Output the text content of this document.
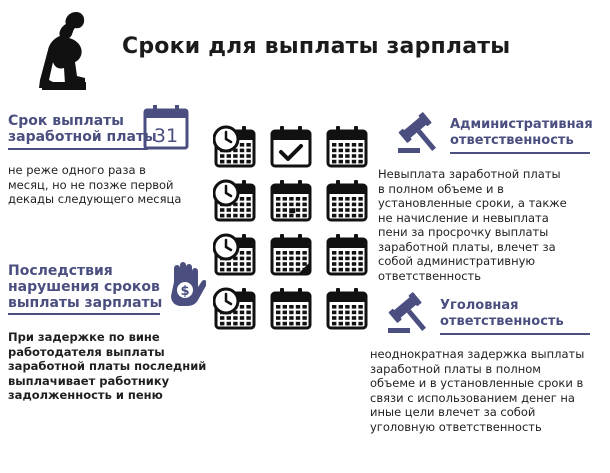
Сроки для выплаты зарплаты
Срок выплаты
заработной платы
31
не реже одного раза в
месяц, но не позже первой
декады следующего месяца
Последствия
нарушения сроков
выплаты зарплаты
$
При задержке по вине
работодателя выплаты
заработной платы последний
выплачивает работнику
задолженность и пеню
Административная
ответственность
Невыплата заработной платы
в полном объеме и в
установленные сроки, а также
не начисление и невыплата
пени за просрочку выплаты
заработной платы, влечет за
собой административную
ответственность
Уголовная
ответственность
неоднократная задержка выплаты
заработной платы в полном
объеме и в установленные сроки в
связи с использованием денег на
иные цели влечет за собой
уголовную ответственность
